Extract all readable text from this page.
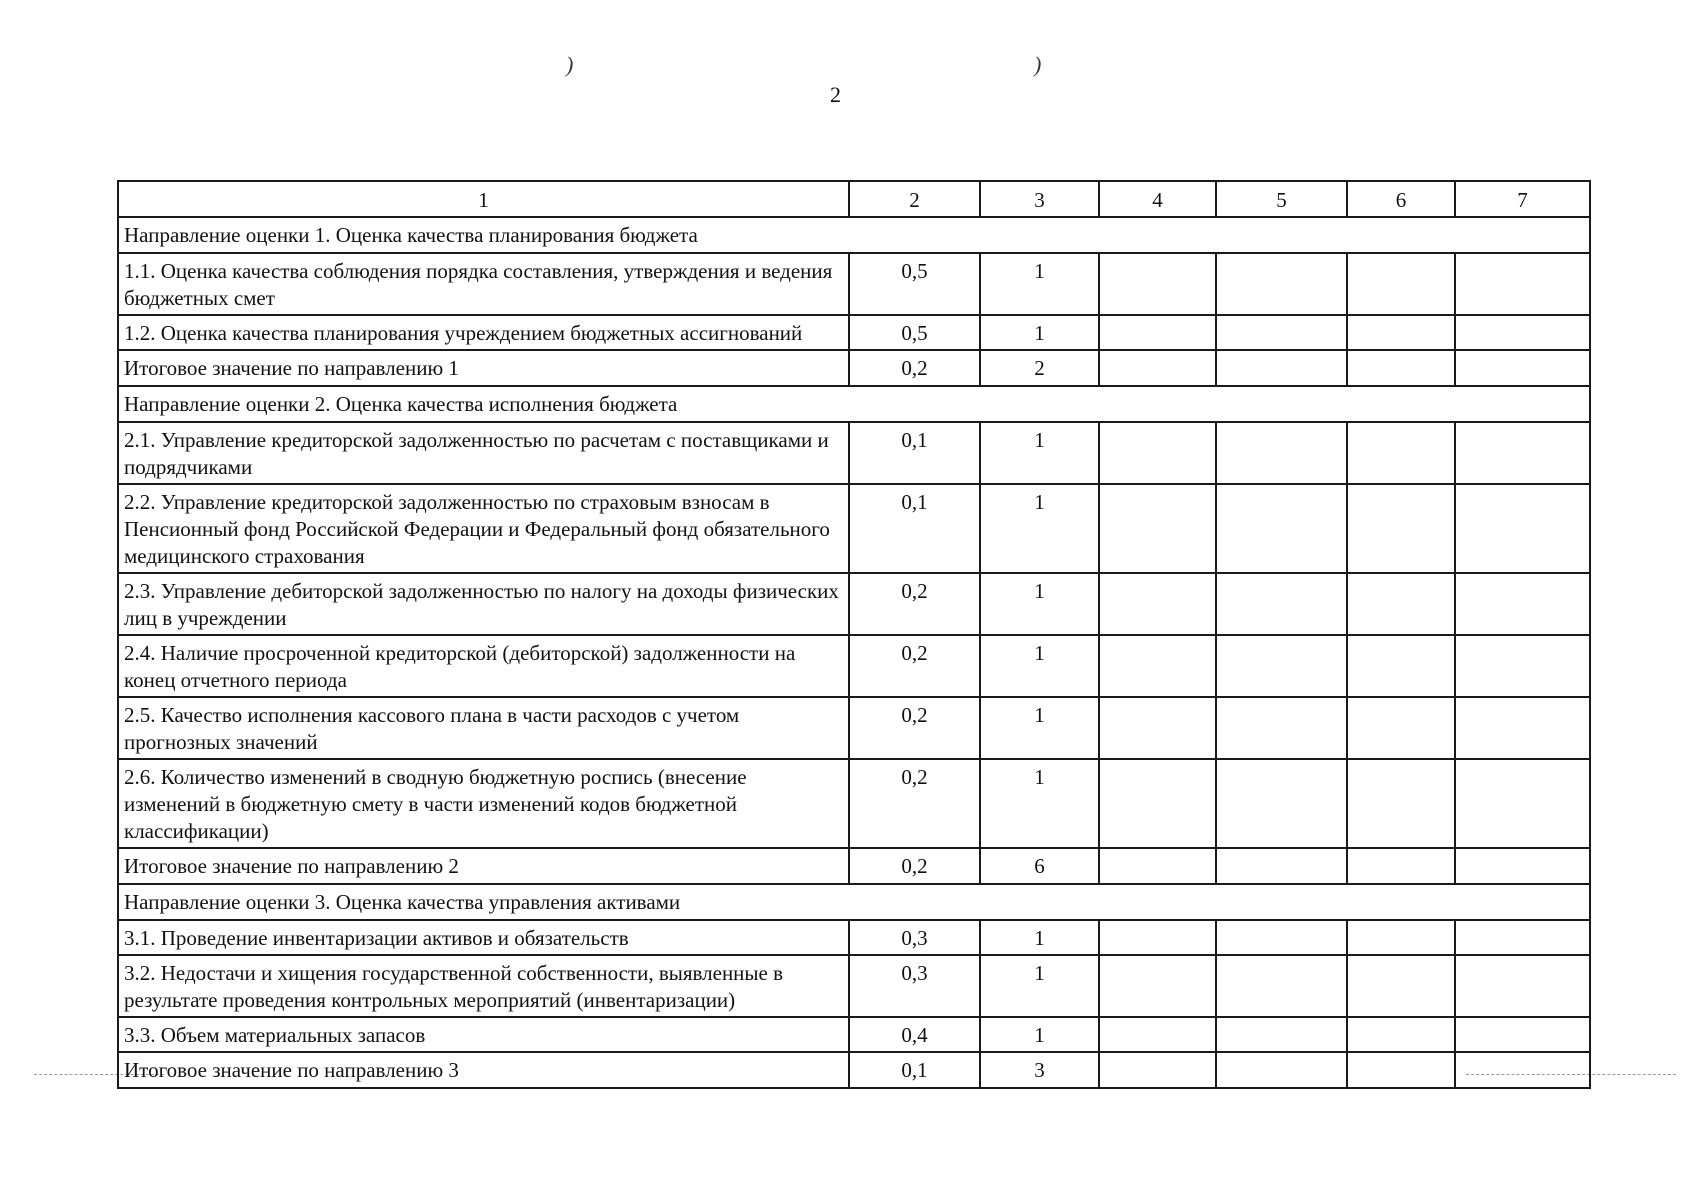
)	)
2
1	2	3	4	5	6	7
Направление оценки 1. Оценка качества планирования бюджета						
1.1. Оценка качества соблюдения порядка составления, утверждения и ведения бюджетных смет	0,5	1				
1.2. Оценка качества планирования учреждением бюджетных ассигнований	0,5	1				
Итоговое значение по направлению 1	0,2	2				
Направление оценки 2. Оценка качества исполнения бюджета						
2.1. Управление кредиторской задолженностью по расчетам с поставщиками и подрядчиками	0,1	1				
2.2. Управление кредиторской задолженностью по страховым взносам в Пенсионный фонд Российской Федерации и Федеральный фонд обязательного медицинского страхования	0,1	1				
2.3. Управление дебиторской задолженностью по налогу на доходы физических лиц в учреждении	0,2	1				
2.4. Наличие просроченной кредиторской (дебиторской) задолженности на конец отчетного периода	0,2	1				
2.5. Качество исполнения кассового плана в части расходов с учетом прогнозных значений	0,2	1				
2.6. Количество изменений в сводную бюджетную роспись (внесение изменений в бюджетную смету в части изменений кодов бюджетной классификации)	0,2	1				
Итоговое значение по направлению 2	0,2	6				
Направление оценки 3. Оценка качества управления активами						
3.1. Проведение инвентаризации активов и обязательств	0,3	1				
3.2. Недостачи и хищения государственной собственности, выявленные в результате проведения контрольных мероприятий (инвентаризации)	0,3	1				
3.3. Объем материальных запасов	0,4	1				
Итоговое значение по направлению 3	0,1	3				
